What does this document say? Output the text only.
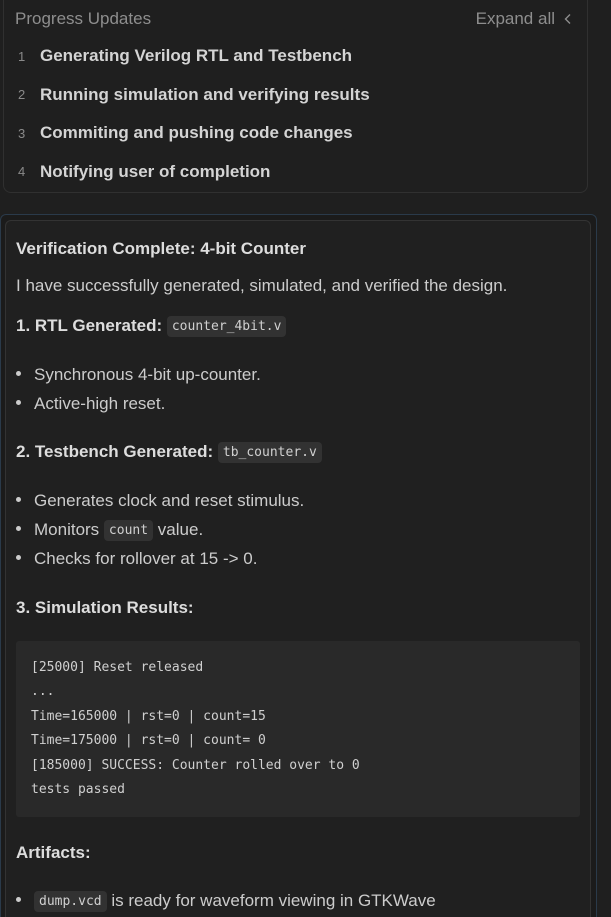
Progress Updates	Expand all
1 Generating Verilog RTL and Testbench
2 Running simulation and verifying results
3 Commiting and pushing code changes
4 Notifying user of completion
Verification Complete: 4-bit Counter
I have successfully generated, simulated, and verified the design.
1. RTL Generated: counter_4bit.v
Synchronous 4-bit up-counter.
Active-high reset.
2. Testbench Generated: tb_counter.v
Generates clock and reset stimulus.
Monitors count value.
Checks for rollover at 15 -> 0.
3. Simulation Results:
[25000] Reset released
...
Time=165000 | rst=0 | count=15
Time=175000 | rst=0 | count= 0
[185000] SUCCESS: Counter rolled over to 0
tests passed
Artifacts:
dump.vcd is ready for waveform viewing in GTKWave
